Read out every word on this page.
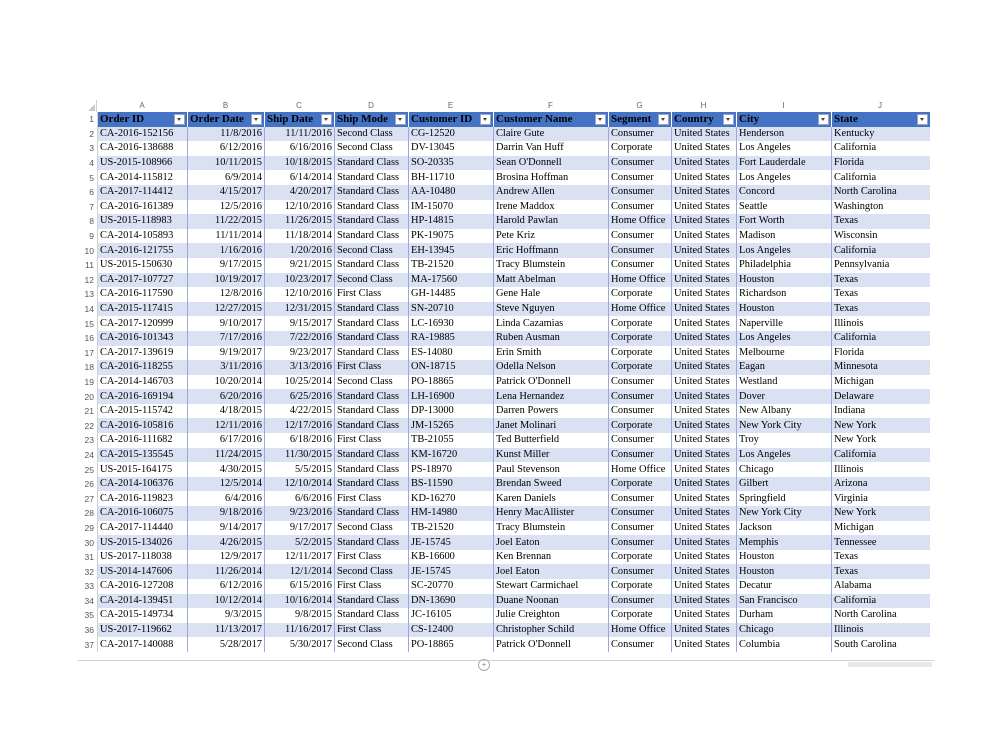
A	B	C	D	E	F	G	H	I	J
1	Order ID	Order Date	Ship Date	Ship Mode	Customer ID	Customer Name	Segment	Country	City	State

2	CA-2016-152156	11/8/2016	11/11/2016	Second Class	CG-12520	Claire Gute	Consumer	United States	Henderson	Kentucky
3	CA-2016-138688	6/12/2016	6/16/2016	Second Class	DV-13045	Darrin Van Huff	Corporate	United States	Los Angeles	California
4	US-2015-108966	10/11/2015	10/18/2015	Standard Class	SO-20335	Sean O'Donnell	Consumer	United States	Fort Lauderdale	Florida
5	CA-2014-115812	6/9/2014	6/14/2014	Standard Class	BH-11710	Brosina Hoffman	Consumer	United States	Los Angeles	California
6	CA-2017-114412	4/15/2017	4/20/2017	Standard Class	AA-10480	Andrew Allen	Consumer	United States	Concord	North Carolina
7	CA-2016-161389	12/5/2016	12/10/2016	Standard Class	IM-15070	Irene Maddox	Consumer	United States	Seattle	Washington
8	US-2015-118983	11/22/2015	11/26/2015	Standard Class	HP-14815	Harold Pawlan	Home Office	United States	Fort Worth	Texas
9	CA-2014-105893	11/11/2014	11/18/2014	Standard Class	PK-19075	Pete Kriz	Consumer	United States	Madison	Wisconsin
10	CA-2016-121755	1/16/2016	1/20/2016	Second Class	EH-13945	Eric Hoffmann	Consumer	United States	Los Angeles	California
11	US-2015-150630	9/17/2015	9/21/2015	Standard Class	TB-21520	Tracy Blumstein	Consumer	United States	Philadelphia	Pennsylvania
12	CA-2017-107727	10/19/2017	10/23/2017	Second Class	MA-17560	Matt Abelman	Home Office	United States	Houston	Texas
13	CA-2016-117590	12/8/2016	12/10/2016	First Class	GH-14485	Gene Hale	Corporate	United States	Richardson	Texas
14	CA-2015-117415	12/27/2015	12/31/2015	Standard Class	SN-20710	Steve Nguyen	Home Office	United States	Houston	Texas
15	CA-2017-120999	9/10/2017	9/15/2017	Standard Class	LC-16930	Linda Cazamias	Corporate	United States	Naperville	Illinois
16	CA-2016-101343	7/17/2016	7/22/2016	Standard Class	RA-19885	Ruben Ausman	Corporate	United States	Los Angeles	California
17	CA-2017-139619	9/19/2017	9/23/2017	Standard Class	ES-14080	Erin Smith	Corporate	United States	Melbourne	Florida
18	CA-2016-118255	3/11/2016	3/13/2016	First Class	ON-18715	Odella Nelson	Corporate	United States	Eagan	Minnesota
19	CA-2014-146703	10/20/2014	10/25/2014	Second Class	PO-18865	Patrick O'Donnell	Consumer	United States	Westland	Michigan
20	CA-2016-169194	6/20/2016	6/25/2016	Standard Class	LH-16900	Lena Hernandez	Consumer	United States	Dover	Delaware
21	CA-2015-115742	4/18/2015	4/22/2015	Standard Class	DP-13000	Darren Powers	Consumer	United States	New Albany	Indiana
22	CA-2016-105816	12/11/2016	12/17/2016	Standard Class	JM-15265	Janet Molinari	Corporate	United States	New York City	New York
23	CA-2016-111682	6/17/2016	6/18/2016	First Class	TB-21055	Ted Butterfield	Consumer	United States	Troy	New York
24	CA-2015-135545	11/24/2015	11/30/2015	Standard Class	KM-16720	Kunst Miller	Consumer	United States	Los Angeles	California
25	US-2015-164175	4/30/2015	5/5/2015	Standard Class	PS-18970	Paul Stevenson	Home Office	United States	Chicago	Illinois
26	CA-2014-106376	12/5/2014	12/10/2014	Standard Class	BS-11590	Brendan Sweed	Corporate	United States	Gilbert	Arizona
27	CA-2016-119823	6/4/2016	6/6/2016	First Class	KD-16270	Karen Daniels	Consumer	United States	Springfield	Virginia
28	CA-2016-106075	9/18/2016	9/23/2016	Standard Class	HM-14980	Henry MacAllister	Consumer	United States	New York City	New York
29	CA-2017-114440	9/14/2017	9/17/2017	Second Class	TB-21520	Tracy Blumstein	Consumer	United States	Jackson	Michigan
30	US-2015-134026	4/26/2015	5/2/2015	Standard Class	JE-15745	Joel Eaton	Consumer	United States	Memphis	Tennessee
31	US-2017-118038	12/9/2017	12/11/2017	First Class	KB-16600	Ken Brennan	Corporate	United States	Houston	Texas
32	US-2014-147606	11/26/2014	12/1/2014	Second Class	JE-15745	Joel Eaton	Consumer	United States	Houston	Texas
33	CA-2016-127208	6/12/2016	6/15/2016	First Class	SC-20770	Stewart Carmichael	Corporate	United States	Decatur	Alabama
34	CA-2014-139451	10/12/2014	10/16/2014	Standard Class	DN-13690	Duane Noonan	Consumer	United States	San Francisco	California
35	CA-2015-149734	9/3/2015	9/8/2015	Standard Class	JC-16105	Julie Creighton	Corporate	United States	Durham	North Carolina
36	US-2017-119662	11/13/2017	11/16/2017	First Class	CS-12400	Christopher Schild	Home Office	United States	Chicago	Illinois
37	CA-2017-140088	5/28/2017	5/30/2017	Second Class	PO-18865	Patrick O'Donnell	Consumer	United States	Columbia	South Carolina
+
